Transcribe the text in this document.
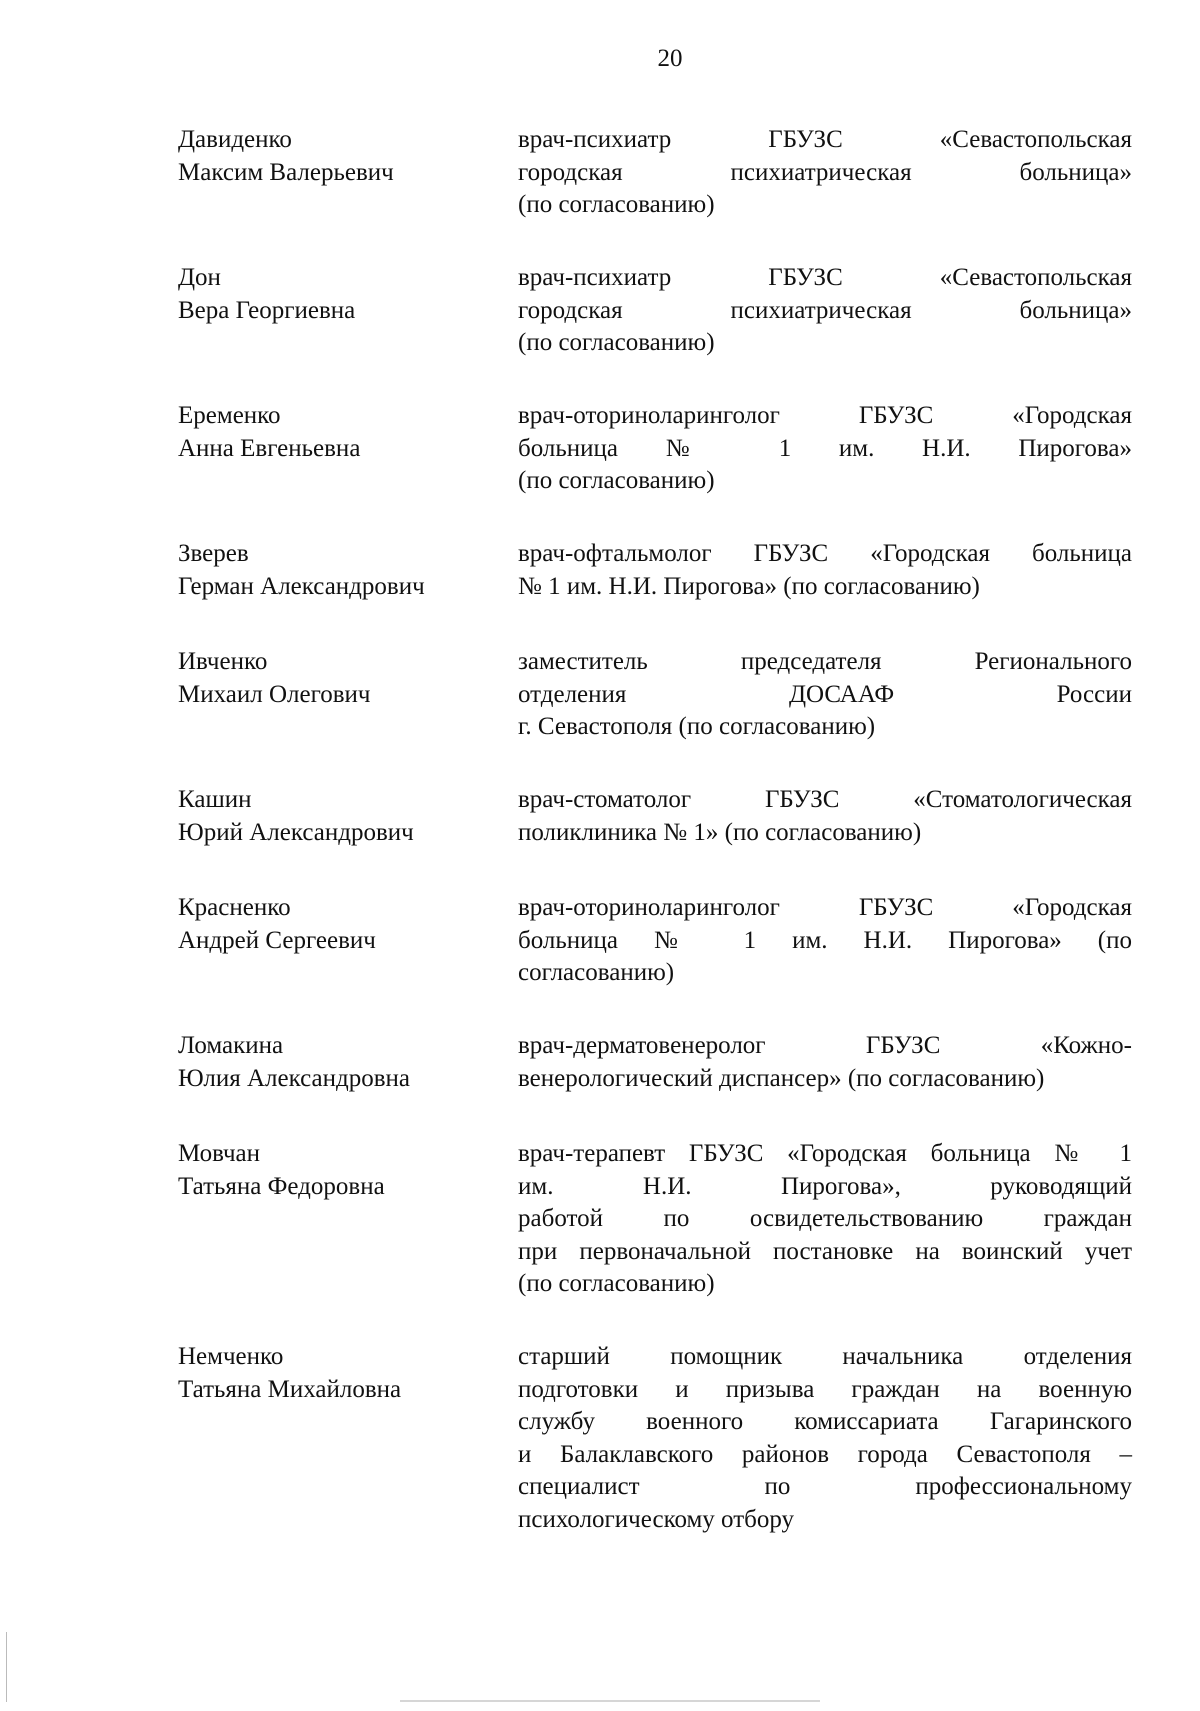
20
Давиденко
Максим Валерьевич
врач-психиатр ГБУЗС «Севастопольская
городская психиатрическая больница»
(по согласованию)
Дон
Вера Георгиевна
врач-психиатр ГБУЗС «Севастопольская
городская психиатрическая больница»
(по согласованию)
Еременко
Анна Евгеньевна
врач-оториноларинголог ГБУЗС «Городская
больница № 1 им. Н.И. Пирогова»
(по согласованию)
Зверев
Герман Александрович
врач-офтальмолог ГБУЗС «Городская больница
№ 1 им. Н.И. Пирогова» (по согласованию)
Ивченко
Михаил Олегович
заместитель председателя Регионального
отделения ДОСААФ России
г. Севастополя (по согласованию)
Кашин
Юрий Александрович
врач-стоматолог ГБУЗС «Стоматологическая
поликлиника № 1» (по согласованию)
Красненко
Андрей Сергеевич
врач-оториноларинголог ГБУЗС «Городская
больница № 1 им. Н.И. Пирогова» (по
согласованию)
Ломакина
Юлия Александровна
врач-дерматовенеролог ГБУЗС «Кожно-
венерологический диспансер» (по согласованию)
Мовчан
Татьяна Федоровна
врач-терапевт ГБУЗС «Городская больница № 1
им. Н.И. Пирогова», руководящий
работой по освидетельствованию граждан
при первоначальной постановке на воинский учет
(по согласованию)
Немченко
Татьяна Михайловна
старший помощник начальника отделения
подготовки и призыва граждан на военную
службу военного комиссариата Гагаринского
и Балаклавского районов города Севастополя –
специалист по профессиональному
психологическому отбору
